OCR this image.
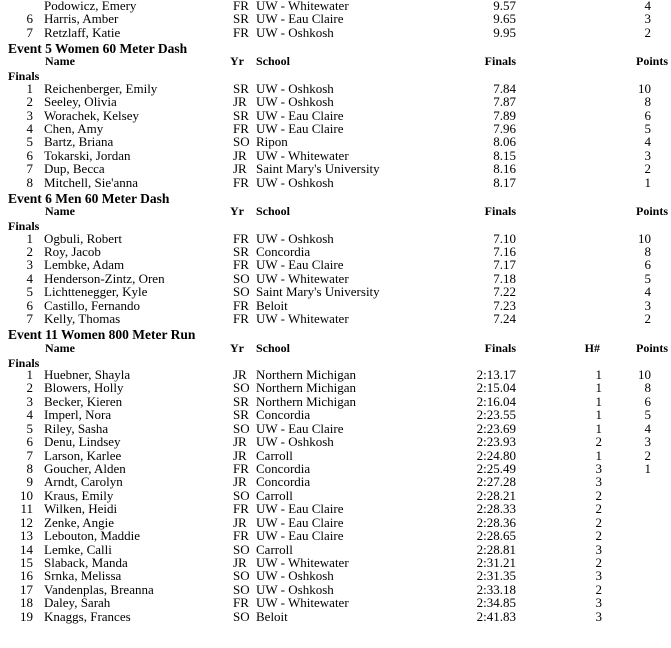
Podowicz, Emery	FR UW - Whitewater	9.57	4
6 Harris, Amber	SR UW - Eau Claire	9.65	3
7 Retzlaff, Katie	FR UW - Oshkosh	9.95	2
Event 5 Women 60 Meter Dash
Name	Yr School	Finals	Points
Finals
1 Reichenberger, Emily	SR UW - Oshkosh	7.84	10
2 Seeley, Olivia	JR UW - Oshkosh	7.87	8
3 Worachek, Kelsey	SR UW - Eau Claire	7.89	6
4 Chen, Amy	FR UW - Eau Claire	7.96	5
5 Bartz, Briana	SO Ripon	8.06	4
6 Tokarski, Jordan	JR UW - Whitewater	8.15	3
7 Dup, Becca	JR Saint Mary's University	8.16	2
8 Mitchell, Sie'anna	FR UW - Oshkosh	8.17	1
Event 6 Men 60 Meter Dash
Name	Yr School	Finals	Points
Finals
1 Ogbuli, Robert	FR UW - Oshkosh	7.10	10
2 Roy, Jacob	SR Concordia	7.16	8
3 Lembke, Adam	FR UW - Eau Claire	7.17	6
4 Henderson-Zintz, Oren	SO UW - Whitewater	7.18	5
5 Lichttenegger, Kyle	SO Saint Mary's University	7.22	4
6 Castillo, Fernando	FR Beloit	7.23	3
7 Kelly, Thomas	FR UW - Whitewater	7.24	2
Event 11 Women 800 Meter Run
Name	Yr School	Finals	H#	Points
Finals
1 Huebner, Shayla	JR Northern Michigan	2:13.17	1	10
2 Blowers, Holly	SO Northern Michigan	2:15.04	1	8
3 Becker, Kieren	SR Northern Michigan	2:16.04	1	6
4 Imperl, Nora	SR Concordia	2:23.55	1	5
5 Riley, Sasha	SO UW - Eau Claire	2:23.69	1	4
6 Denu, Lindsey	JR UW - Oshkosh	2:23.93	2	3
7 Larson, Karlee	JR Carroll	2:24.80	1	2
8 Goucher, Alden	FR Concordia	2:25.49	3	1
9 Arndt, Carolyn	JR Concordia	2:27.28	3
10 Kraus, Emily	SO Carroll	2:28.21	2
11 Wilken, Heidi	FR UW - Eau Claire	2:28.33	2
12 Zenke, Angie	JR UW - Eau Claire	2:28.36	2
13 Lebouton, Maddie	FR UW - Eau Claire	2:28.65	2
14 Lemke, Calli	SO Carroll	2:28.81	3
15 Slaback, Manda	JR UW - Whitewater	2:31.21	2
16 Srnka, Melissa	SO UW - Oshkosh	2:31.35	3
17 Vandenplas, Breanna	SO UW - Oshkosh	2:33.18	2
18 Daley, Sarah	FR UW - Whitewater	2:34.85	3
19 Knaggs, Frances	SO Beloit	2:41.83	3
